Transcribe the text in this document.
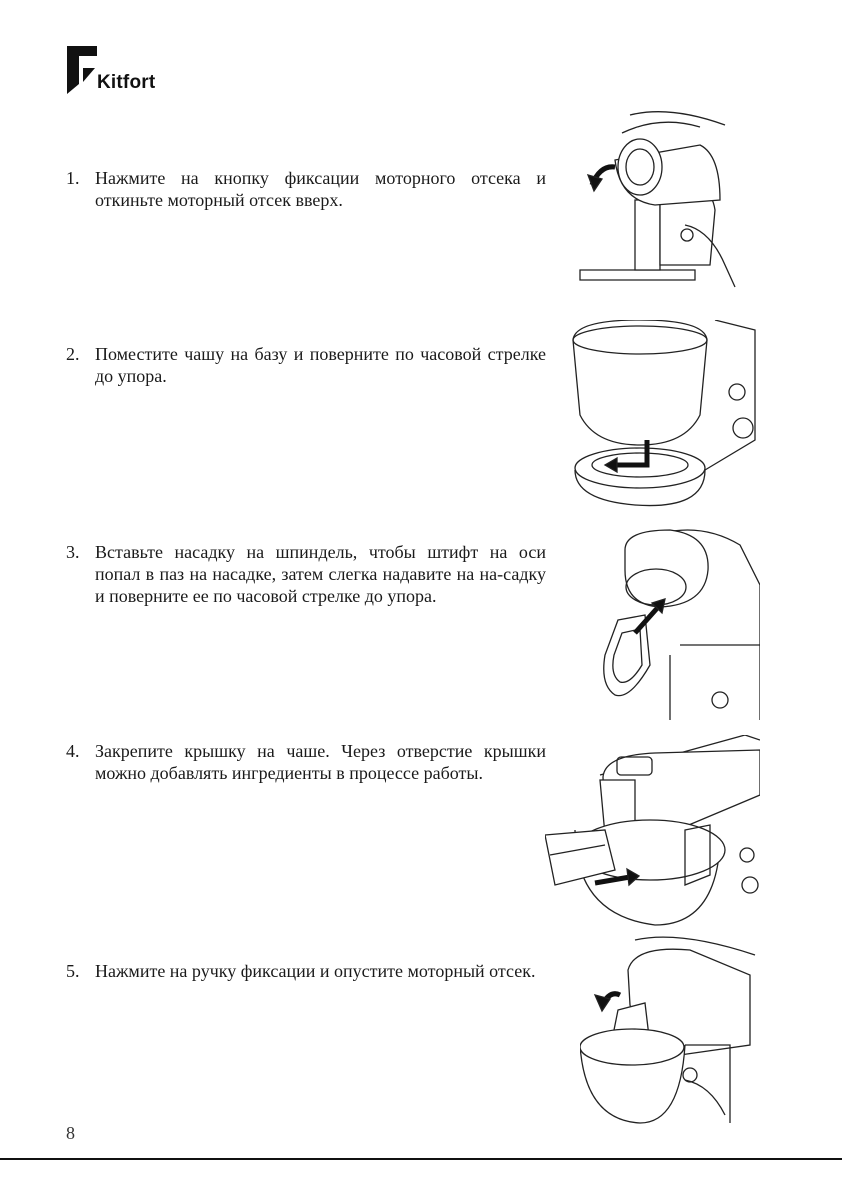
Kitfort
1. Нажмите на кнопку фиксации моторного отсека и откиньте моторный отсек вверх.
2. Поместите чашу на базу и поверните по часовой стрелке до упора.
3. Вставьте насадку на шпиндель, чтобы штифт на оси попал в паз на насадке, затем слегка надавите на на-садку и поверните ее по часовой стрелке до упора.
4. Закрепите крышку на чаше. Через отверстие крышки можно добавлять ингредиенты в процессе работы.
5. Нажмите на ручку фиксации и опустите моторный отсек.
8
